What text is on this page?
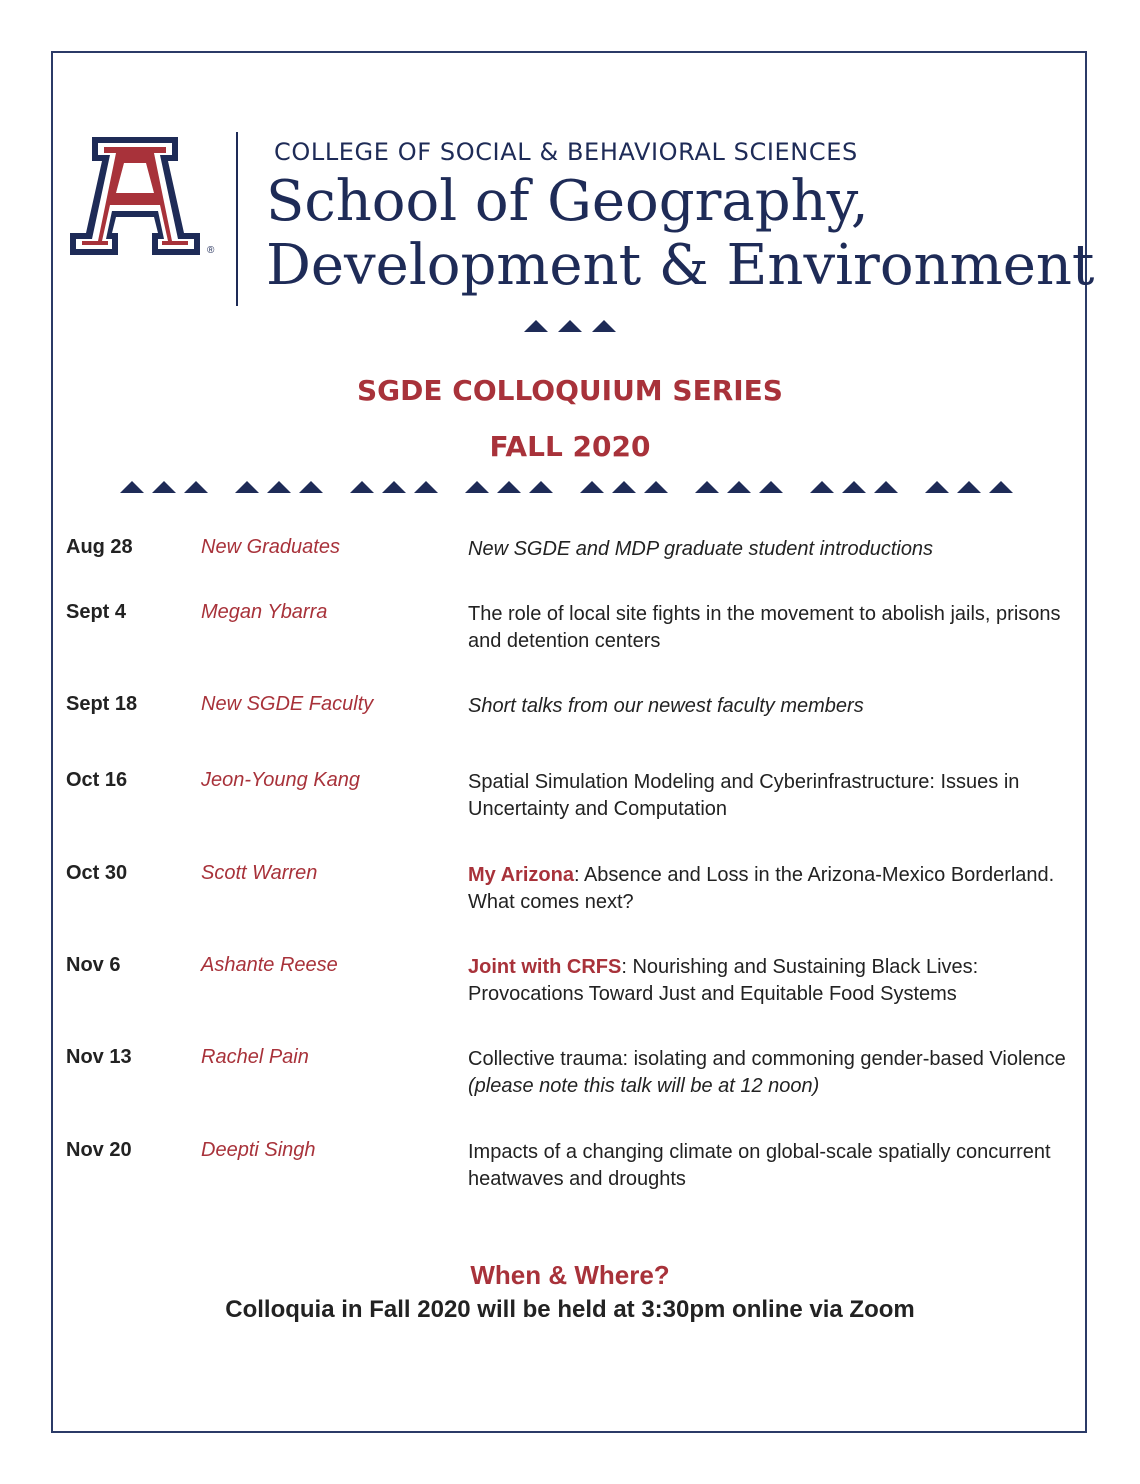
®
COLLEGE OF SOCIAL & BEHAVIORAL SCIENCES
School of Geography,
Development & Environment
SGDE COLLOQUIUM SERIES
FALL 2020
Aug 28	New Graduates	New SGDE and MDP graduate student introductions
Sept 4	Megan Ybarra	The role of local site fights in the movement to abolish jails, prisons and detention centers
Sept 18	New SGDE Faculty	Short talks from our newest faculty members
Oct 16	Jeon-Young Kang	Spatial Simulation Modeling and Cyberinfrastructure: Issues in Uncertainty and Computation
Oct 30	Scott Warren	My Arizona: Absence and Loss in the Arizona-Mexico Borderland. What comes next?
Nov 6	Ashante Reese	Joint with CRFS: Nourishing and Sustaining Black Lives: Provocations Toward Just and Equitable Food Systems
Nov 13	Rachel Pain	Collective trauma: isolating and commoning gender-based Violence (please note this talk will be at 12 noon)
Nov 20	Deepti Singh	Impacts of a changing climate on global-scale spatially concurrent heatwaves and droughts
When & Where?
Colloquia in Fall 2020 will be held at 3:30pm online via Zoom
